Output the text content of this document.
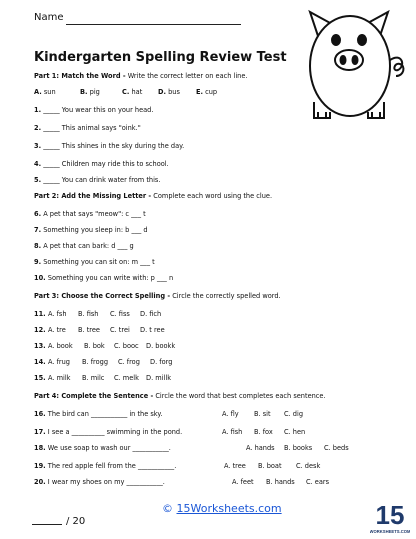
Name
Kindergarten Spelling Review Test
Part 1: Match the Word - Write the correct letter on each line.
A. sun	B. pig	C. hat D. bus E. cup
1. _____ You wear this on your head.
2. _____ This animal says "oink."
3. _____ This shines in the sky during the day.
4. _____ Children may ride this to school.
5. _____ You can drink water from this.
Part 2: Add the Missing Letter - Complete each word using the clue.
6. A pet that says "meow": c ___ t
7. Something you sleep in: b ___ d
8. A pet that can bark: d ___ g
9. Something you can sit on: m ___ t
10. Something you can write with: p ___ n
Part 3: Choose the Correct Spelling - Circle the correctly spelled word.
11. A. fsh B. fish C. fiss D. fich
12. A. tre B. tree C. trei D. t ree
13. A. book B. bok C. booc D. bookk
14. A. frug B. frogg C. frog D. forg
15. A. milk B. milc C. melk D. millk
Part 4: Complete the Sentence - Circle the word that best completes each sentence.
16. The bird can ___________ in the sky.	A. fly B. sit C. dig
17. I see a __________ swimming in the pond.	A. fish B. fox C. hen
18. We use soap to wash our ___________.	A. hands B. books C. beds
19. The red apple fell from the ___________.	A. tree B. boat C. desk
20. I wear my shoes on my ___________.	A. feet B. hands C. ears
© 15Worksheets.com
/ 20	15
WORKSHEETS.COM
